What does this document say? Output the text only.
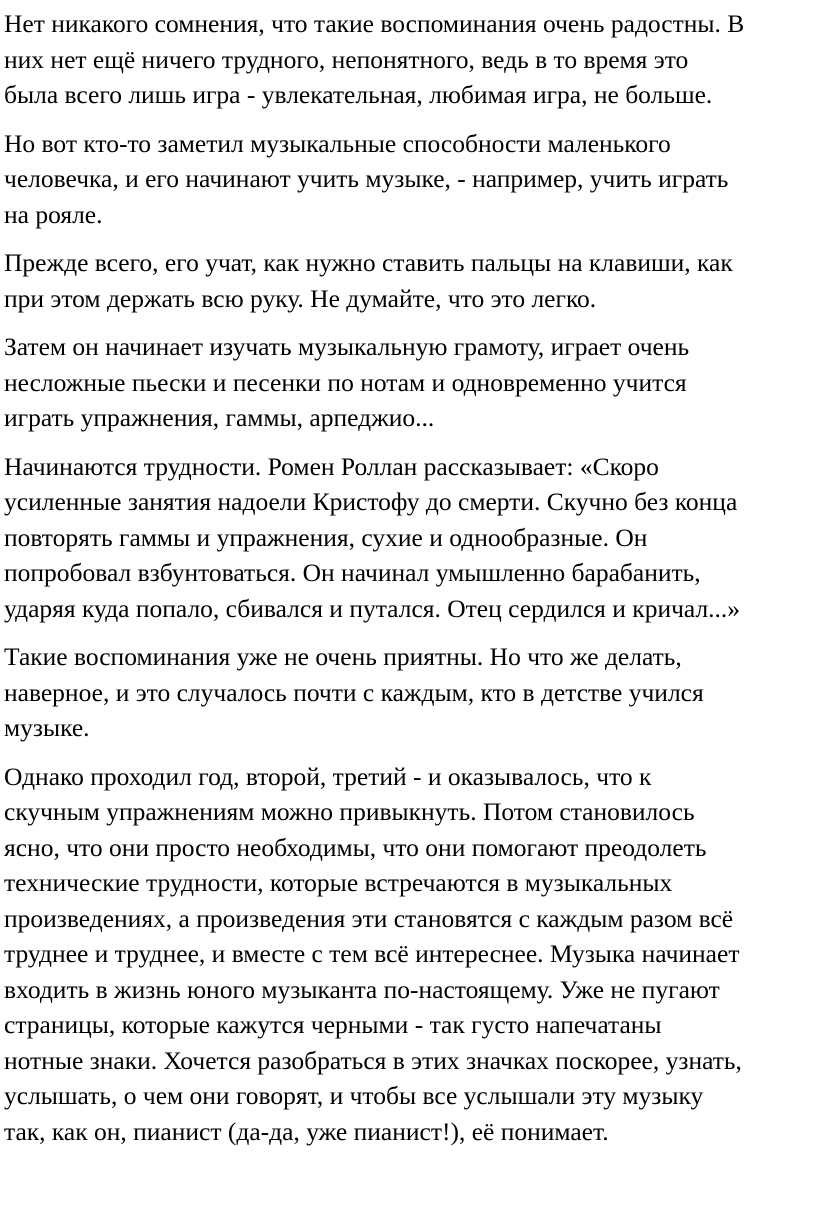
Нет никакого сомнения, что такие воспоминания очень радостны. В
них нет ещё ничего трудного, непонятного, ведь в то время это
была всего лишь игра - увлекательная, любимая игра, не больше.

Но вот кто-то заметил музыкальные способности маленького
человечка, и его начинают учить музыке, - например, учить играть
на рояле.

Прежде всего, его учат, как нужно ставить пальцы на клавиши, как
при этом держать всю руку. Не думайте, что это легко.

Затем он начинает изучать музыкальную грамоту, играет очень
несложные пьески и песенки по нотам и одновременно учится
играть упражнения, гаммы, арпеджио...

Начинаются трудности. Ромен Роллан рассказывает: «Скоро
усиленные занятия надоели Кристофу до смерти. Скучно без конца
повторять гаммы и упражнения, сухие и однообразные. Он
попробовал взбунтоваться. Он начинал умышленно барабанить,
ударяя куда попало, сбивался и путался. Отец сердился и кричал...»

Такие воспоминания уже не очень приятны. Но что же делать,
наверное, и это случалось почти с каждым, кто в детстве учился
музыке.

Однако проходил год, второй, третий - и оказывалось, что к
скучным упражнениям можно привыкнуть. Потом становилось
ясно, что они просто необходимы, что они помогают преодолеть
технические трудности, которые встречаются в музыкальных
произведениях, а произведения эти становятся с каждым разом всё
труднее и труднее, и вместе с тем всё интереснее. Музыка начинает
входить в жизнь юного музыканта по-настоящему. Уже не пугают
страницы, которые кажутся черными - так густо напечатаны
нотные знаки. Хочется разобраться в этих значках поскорее, узнать,
услышать, о чем они говорят, и чтобы все услышали эту музыку
так, как он, пианист (да-да, уже пианист!), её понимает.
